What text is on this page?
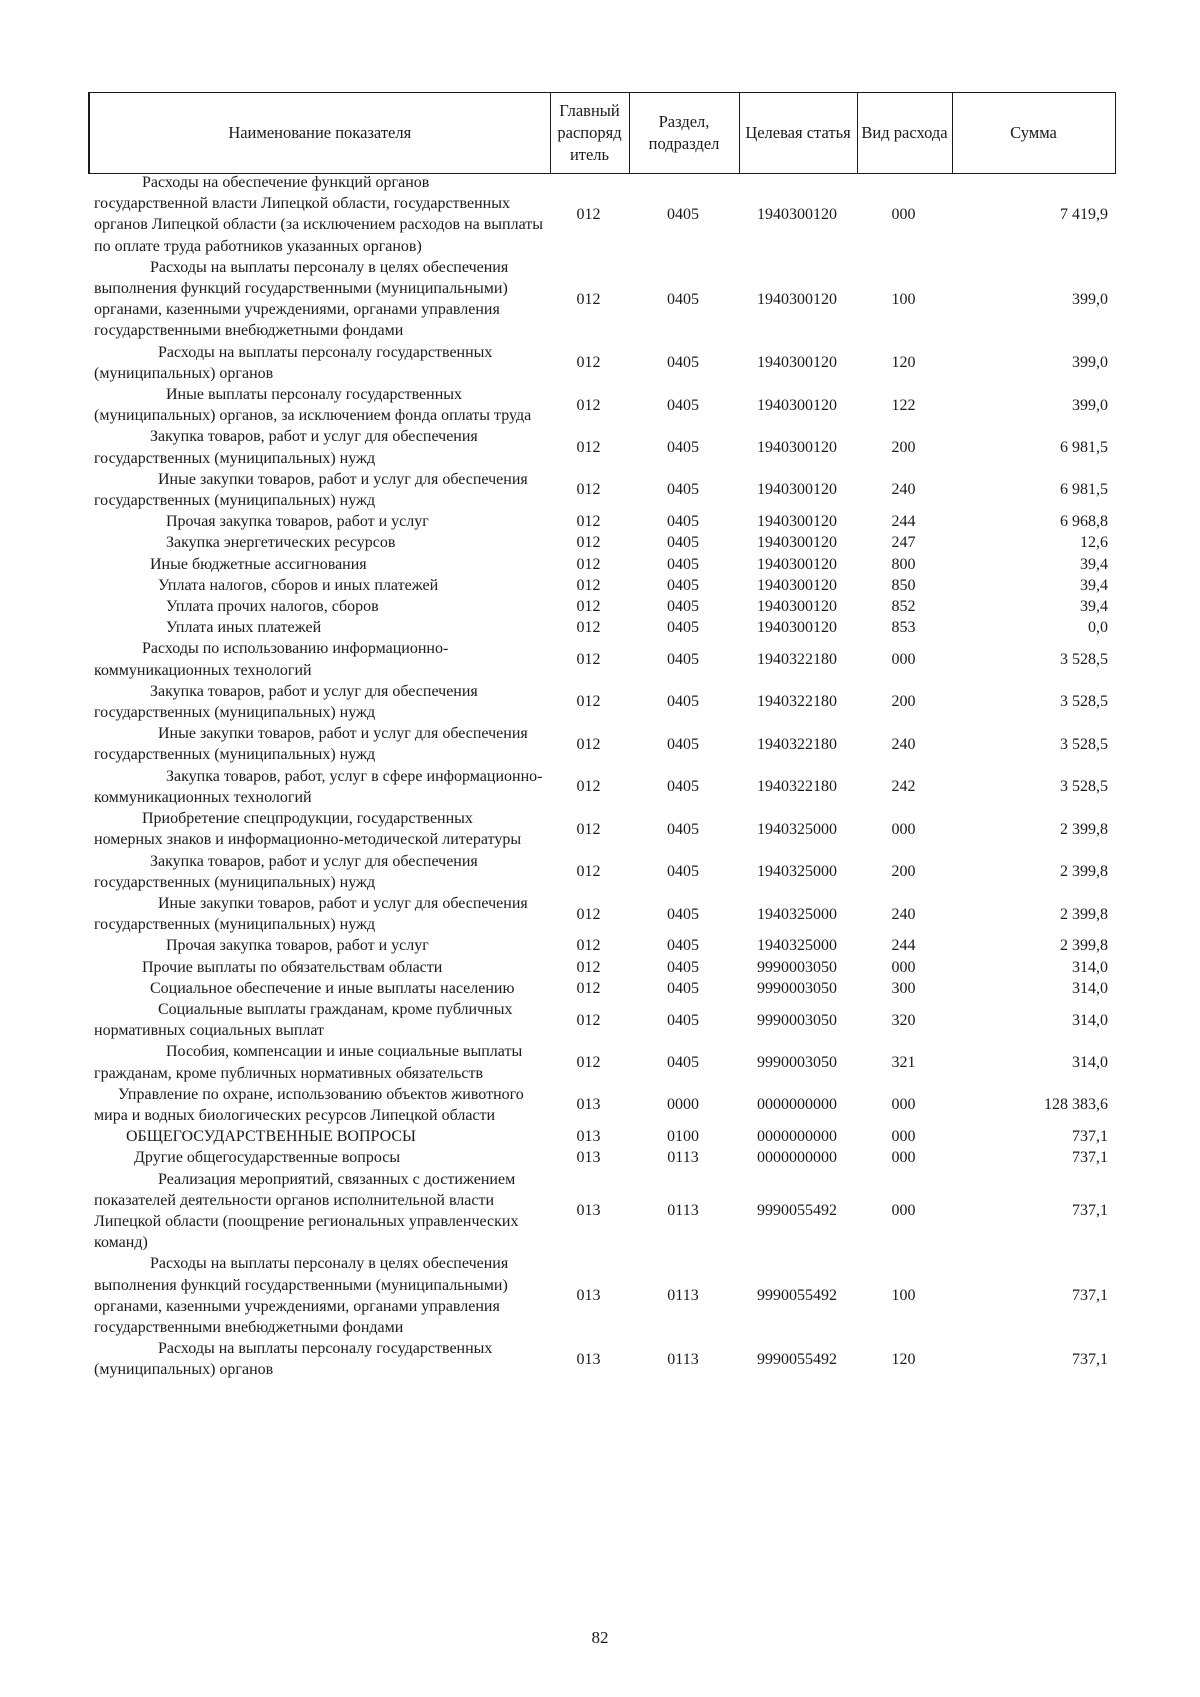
Наименование показателя	Главный распоряд итель	Раздел, подраздел	Целевая статья	Вид расхода	Сумма
Расходы на обеспечение функций органов государственной власти Липецкой области, государственных органов Липецкой области (за исключением расходов на выплаты по оплате труда работников указанных органов)	012	0405	1940300120	000	7 419,9
Расходы на выплаты персоналу в целях обеспечения выполнения функций государственными (муниципальными) органами, казенными учреждениями, органами управления государственными внебюджетными фондами	012	0405	1940300120	100	399,0
Расходы на выплаты персоналу государственных (муниципальных) органов	012	0405	1940300120	120	399,0
Иные выплаты персоналу государственных (муниципальных) органов, за исключением фонда оплаты труда	012	0405	1940300120	122	399,0
Закупка товаров, работ и услуг для обеспечения государственных (муниципальных) нужд	012	0405	1940300120	200	6 981,5
Иные закупки товаров, работ и услуг для обеспечения государственных (муниципальных) нужд	012	0405	1940300120	240	6 981,5
Прочая закупка товаров, работ и услуг	012	0405	1940300120	244	6 968,8
Закупка энергетических ресурсов	012	0405	1940300120	247	12,6
Иные бюджетные ассигнования	012	0405	1940300120	800	39,4
Уплата налогов, сборов и иных платежей	012	0405	1940300120	850	39,4
Уплата прочих налогов, сборов	012	0405	1940300120	852	39,4
Уплата иных платежей	012	0405	1940300120	853	0,0
Расходы по использованию информационно-коммуникационных технологий	012	0405	1940322180	000	3 528,5
Закупка товаров, работ и услуг для обеспечения государственных (муниципальных) нужд	012	0405	1940322180	200	3 528,5
Иные закупки товаров, работ и услуг для обеспечения государственных (муниципальных) нужд	012	0405	1940322180	240	3 528,5
Закупка товаров, работ, услуг в сфере информационно-коммуникационных технологий	012	0405	1940322180	242	3 528,5
Приобретение спецпродукции, государственных номерных знаков и информационно-методической литературы	012	0405	1940325000	000	2 399,8
Закупка товаров, работ и услуг для обеспечения государственных (муниципальных) нужд	012	0405	1940325000	200	2 399,8
Иные закупки товаров, работ и услуг для обеспечения государственных (муниципальных) нужд	012	0405	1940325000	240	2 399,8
Прочая закупка товаров, работ и услуг	012	0405	1940325000	244	2 399,8
Прочие выплаты по обязательствам области	012	0405	9990003050	000	314,0
Социальное обеспечение и иные выплаты населению	012	0405	9990003050	300	314,0
Социальные выплаты гражданам, кроме публичных нормативных социальных выплат	012	0405	9990003050	320	314,0
Пособия, компенсации и иные социальные выплаты гражданам, кроме публичных нормативных обязательств	012	0405	9990003050	321	314,0
Управление по охране, использованию объектов животного мира и водных биологических ресурсов Липецкой области	013	0000	0000000000	000	128 383,6
ОБЩЕГОСУДАРСТВЕННЫЕ ВОПРОСЫ	013	0100	0000000000	000	737,1
Другие общегосударственные вопросы	013	0113	0000000000	000	737,1
Реализация мероприятий, связанных с достижением показателей деятельности органов исполнительной власти Липецкой области (поощрение региональных управленческих команд)	013	0113	9990055492	000	737,1
Расходы на выплаты персоналу в целях обеспечения выполнения функций государственными (муниципальными) органами, казенными учреждениями, органами управления государственными внебюджетными фондами	013	0113	9990055492	100	737,1
Расходы на выплаты персоналу государственных (муниципальных) органов	013	0113	9990055492	120	737,1
82
